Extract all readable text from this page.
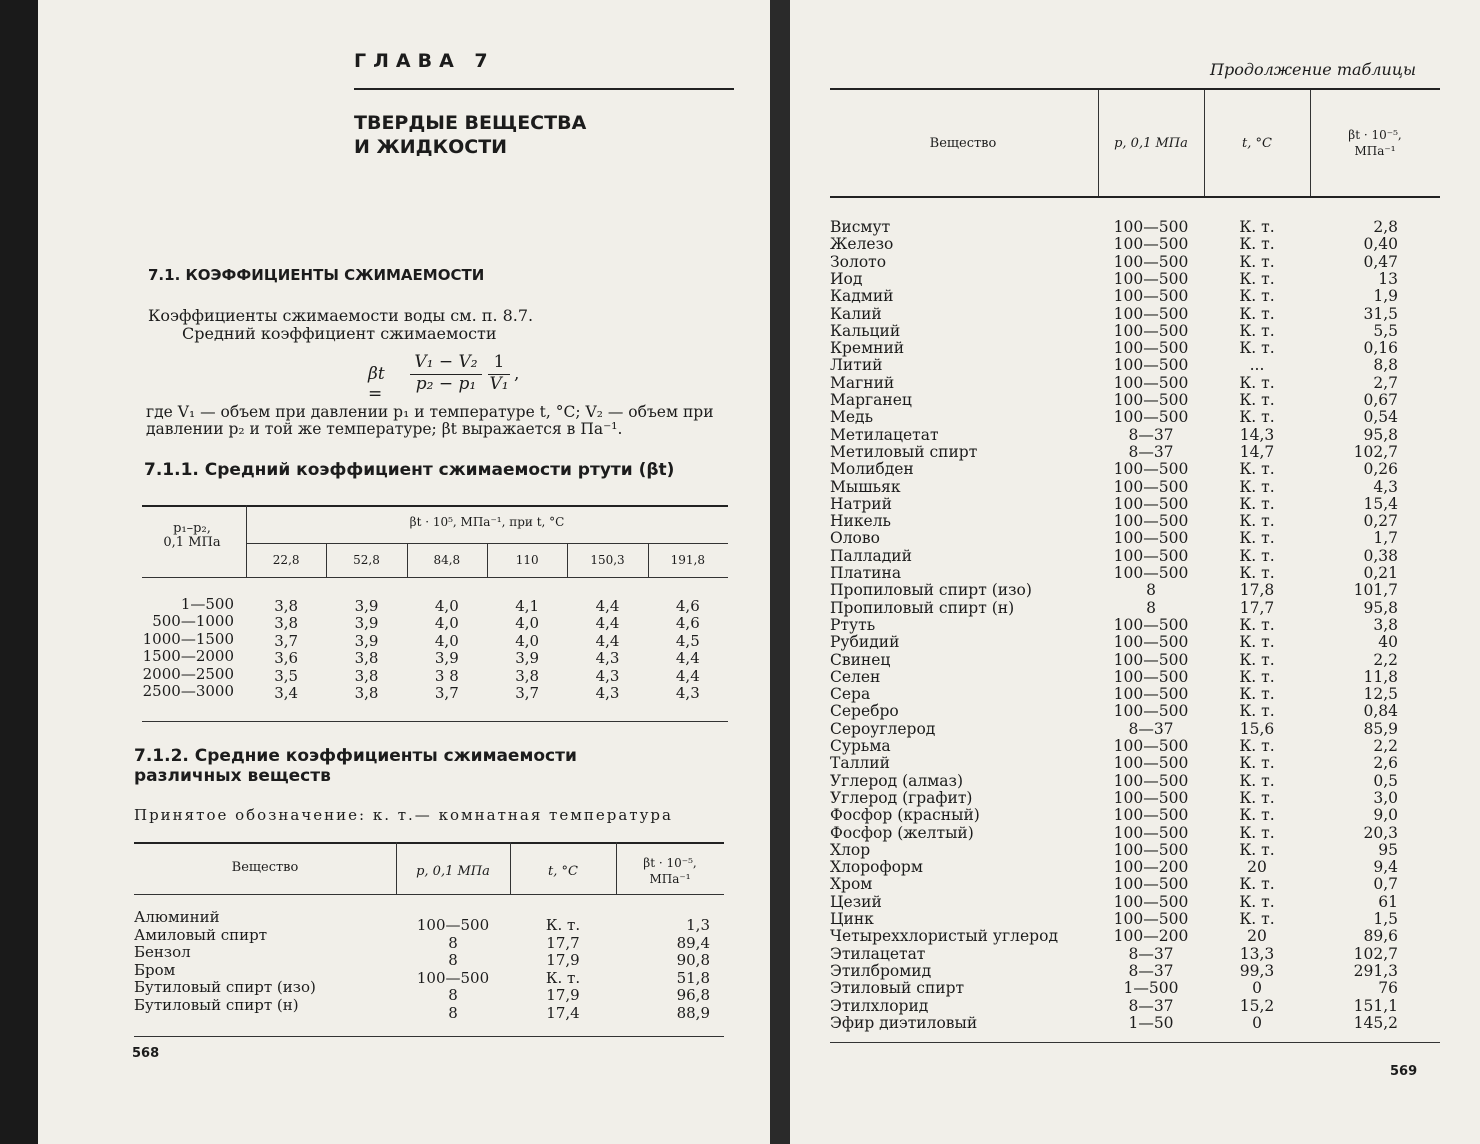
ГЛАВА 7
ТВЕРДЫЕ ВЕЩЕСТВА
И ЖИДКОСТИ
7.1. КОЭФФИЦИЕНТЫ СЖИМАЕМОСТИ
Коэффициенты сжимаемости воды см. п. 8.7.
Средний коэффициент сжимаемости
βt =
V₁ − V₂
p₂ − p₁
1
V₁ ,
где V₁ — объем при давлении p₁ и температуре t, °C; V₂ — объем при
давлении p₂ и той же температуре; βt выражается в Па⁻¹.
7.1.1. Средний коэффициент сжимаемости ртути (βt)
p₁–p₂,
0,1 МПа
βt · 10⁵, МПа⁻¹, при t, °C
22,8	52,8	84,8	110	150,3	191,8
1—500	3,8	3,9	4,0	4,1	4,4	4,6
500—1000	3,8	3,9	4,0	4,0	4,4	4,6
1000—1500	3,7	3,9	4,0	4,0	4,4	4,5
1500—2000	3,6	3,8	3,9	3,9	4,3	4,4
2000—2500	3,5	3,8	3 8	3,8	4,3	4,4
2500—3000	3,4	3,8	3,7	3,7	4,3	4,3
7.1.2. Средние коэффициенты сжимаемости
различных веществ
Принятое обозначение: к. т.— комнатная температура
Вещество	p, 0,1 МПа	t, °C
βt · 10⁻⁵,
МПа⁻¹
Алюминий	100—500	К. т.	1,3
Амиловый спирт	8	17,7	89,4
Бензол	8	17,9	90,8
Бром	100—500	К. т.	51,8
Бутиловый спирт (изо)	8	17,9	96,8
Бутиловый спирт (н)	8	17,4	88,9
568
Продолжение таблицы
Вещество	p, 0,1 МПа	t, °C
βt · 10⁻⁵,
МПа⁻¹
Висмут	100—500	К. т.	2,8
Железо	100—500	К. т.	0,40
Золото	100—500	К. т.	0,47
Иод	100—500	К. т.	13
Кадмий	100—500	К. т.	1,9
Калий	100—500	К. т.	31,5
Кальций	100—500	К. т.	5,5
Кремний	100—500	К. т.	0,16
Литий	100—500	...	8,8
Магний	100—500	К. т.	2,7
Марганец	100—500	К. т.	0,67
Медь	100—500	К. т.	0,54
Метилацетат	8—37	14,3	95,8
Метиловый спирт	8—37	14,7	102,7
Молибден	100—500	К. т.	0,26
Мышьяк	100—500	К. т.	4,3
Натрий	100—500	К. т.	15,4
Никель	100—500	К. т.	0,27
Олово	100—500	К. т.	1,7
Палладий	100—500	К. т.	0,38
Платина	100—500	К. т.	0,21
Пропиловый спирт (изо)	8	17,8	101,7
Пропиловый спирт (н)	8	17,7	95,8
Ртуть	100—500	К. т.	3,8
Рубидий	100—500	К. т.	40
Свинец	100—500	К. т.	2,2
Селен	100—500	К. т.	11,8
Сера	100—500	К. т.	12,5
Серебро	100—500	К. т.	0,84
Сероуглерод	8—37	15,6	85,9
Сурьма	100—500	К. т.	2,2
Таллий	100—500	К. т.	2,6
Углерод (алмаз)	100—500	К. т.	0,5
Углерод (графит)	100—500	К. т.	3,0
Фосфор (красный)	100—500	К. т.	9,0
Фосфор (желтый)	100—500	К. т.	20,3
Хлор	100—500	К. т.	95
Хлороформ	100—200	20	9,4
Хром	100—500	К. т.	0,7
Цезий	100—500	К. т.	61
Цинк	100—500	К. т.	1,5
Четыреххлористый углерод	100—200	20	89,6
Этилацетат	8—37	13,3	102,7
Этилбромид	8—37	99,3	291,3
Этиловый спирт	1—500	0	76
Этилхлорид	8—37	15,2	151,1
Эфир диэтиловый	1—50	0	145,2
569
